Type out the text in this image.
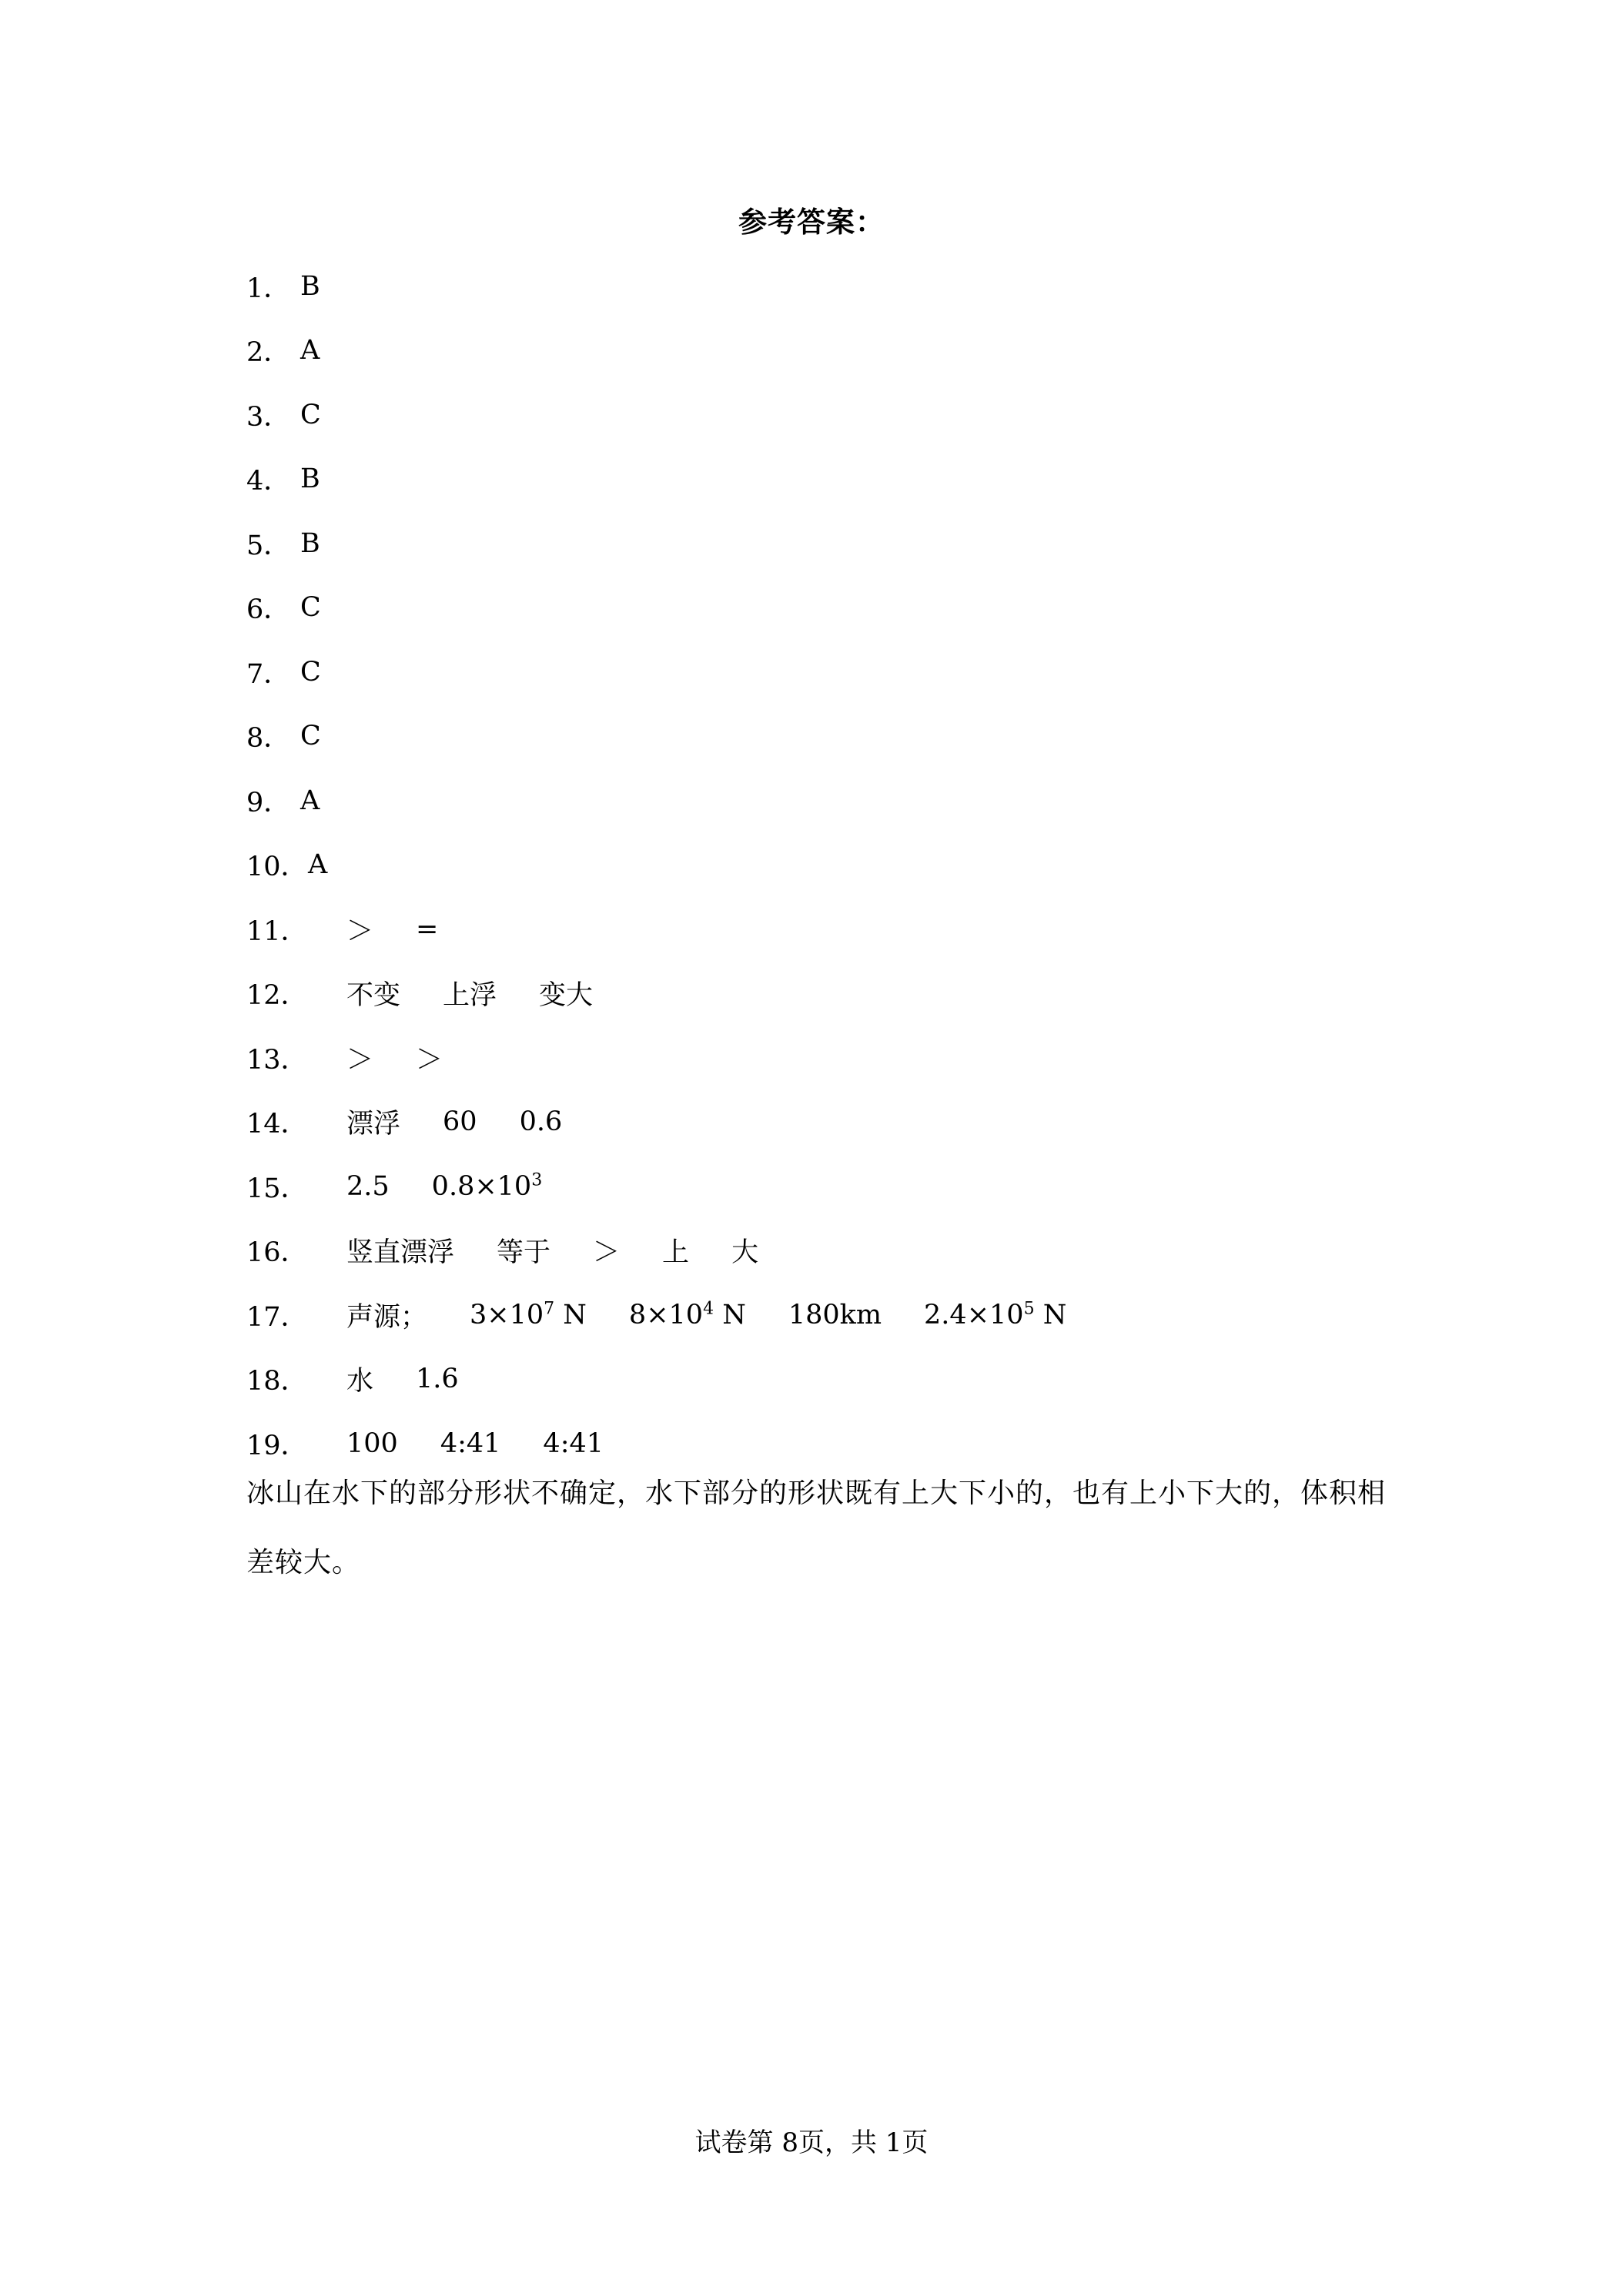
参考答案：
1． B
2． A
3． C
4． B
5． B
6． C
7． C
8． C
9． A
10． A
11．	＞ =
12．	不变 上浮 变大
13．	＞ ＞
14．	漂浮 60 0.6
15．	2.5 $0.8\times 10^3$
16．	竖直漂浮 等于 ＞ 上 大
17．	声源； $3\times 10^7$ N $8\times 10^4$ N 180km $2.4\times 10^5$ N
18．	水 1.6
19．	100 4:41 4:41

冰山在水下的部分形状不确定，水下部分的形状既有上大下小的，也有上小下大的，体积相差较大。

试卷第 8页，共 1页
